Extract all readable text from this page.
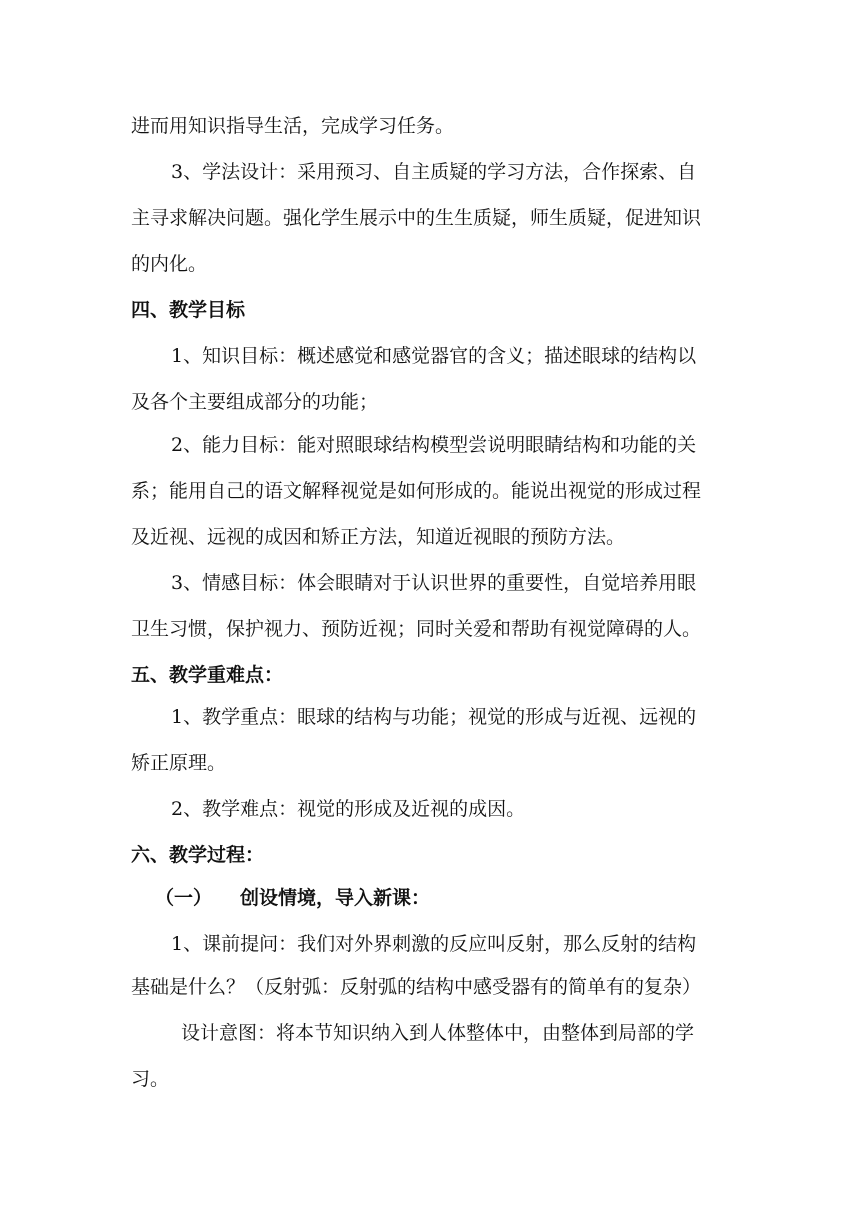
进而用知识指导生活，完成学习任务。
3、学法设计：采用预习、自主质疑的学习方法，合作探索、自
主寻求解决问题。强化学生展示中的生生质疑，师生质疑，促进知识
的内化。
四、教学目标
1、知识目标：概述感觉和感觉器官的含义；描述眼球的结构以
及各个主要组成部分的功能；
2、能力目标：能对照眼球结构模型尝说明眼睛结构和功能的关
系；能用自己的语文解释视觉是如何形成的。能说出视觉的形成过程
及近视、远视的成因和矫正方法，知道近视眼的预防方法。
3、情感目标：体会眼睛对于认识世界的重要性，自觉培养用眼
卫生习惯，保护视力、预防近视；同时关爱和帮助有视觉障碍的人。
五、教学重难点：
1、教学重点：眼球的结构与功能；视觉的形成与近视、远视的
矫正原理。
2、教学难点：视觉的形成及近视的成因。
六、教学过程：
（一） 创设情境，导入新课：
1、课前提问：我们对外界刺激的反应叫反射，那么反射的结构
基础是什么？（反射弧：反射弧的结构中感受器有的简单有的复杂）
设计意图：将本节知识纳入到人体整体中，由整体到局部的学
习。
